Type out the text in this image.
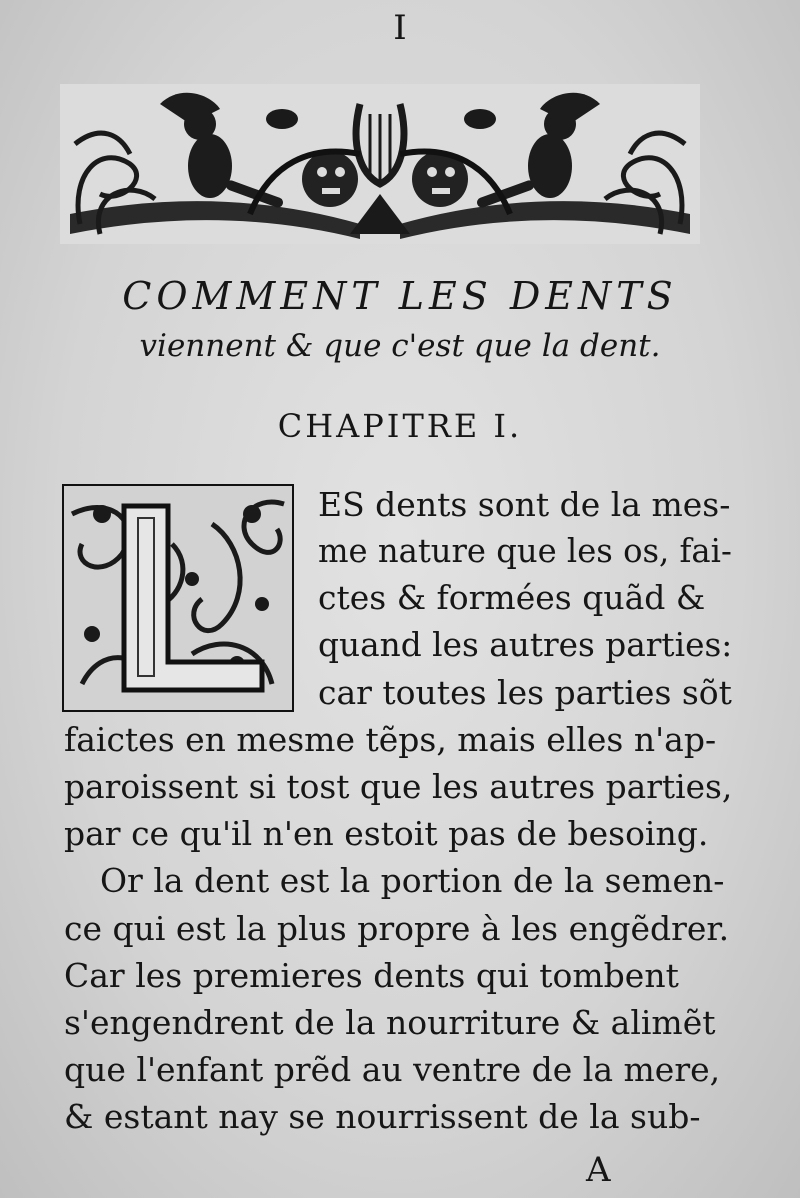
I
COMMENT LES DENTS
viennent & que c'est que la dent.
CHAPITRE I.
ES dents sont de la mes-
me nature que les os, fai-
ctes & formées quãd &
quand les autres parties:
car toutes les parties sõt
faictes en mesme tẽps, mais elles n'ap-
paroissent si tost que les autres parties,
par ce qu'il n'en estoit pas de besoing.
Or la dent est la portion de la semen-
ce qui est la plus propre à les engẽdrer.
Car les premieres dents qui tombent
s'engendrent de la nourriture & alimẽt
que l'enfant prẽd au ventre de la mere,
& estant nay se nourrissent de la sub-
A
